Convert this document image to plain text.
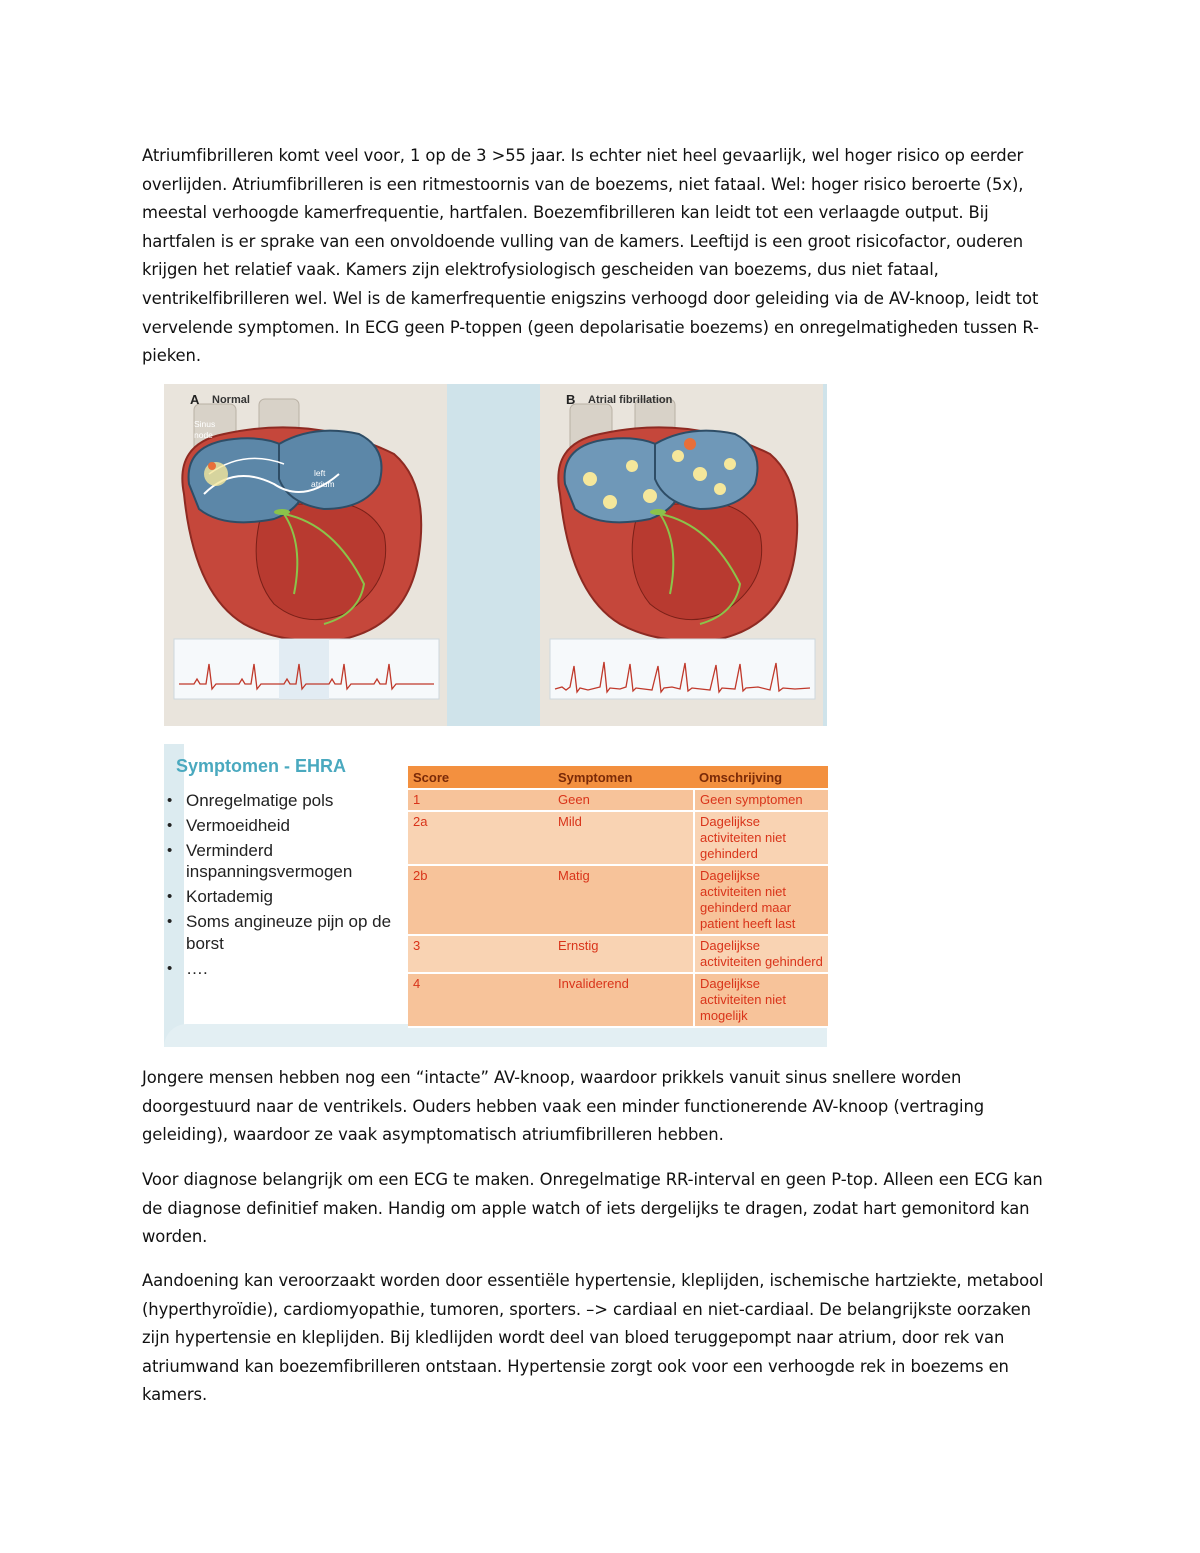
Atriumfibrilleren komt veel voor, 1 op de 3 >55 jaar. Is echter niet heel gevaarlijk, wel hoger risico op eerder overlijden. Atriumfibrilleren is een ritmestoornis van de boezems, niet fataal. Wel: hoger risico beroerte (5x), meestal verhoogde kamerfrequentie, hartfalen. Boezemfibrilleren kan leidt tot een verlaagde output. Bij hartfalen is er sprake van een onvoldoende vulling van de kamers. Leeftijd is een groot risicofactor, ouderen krijgen het relatief vaak. Kamers zijn elektrofysiologisch gescheiden van boezems, dus niet fataal, ventrikelfibrilleren wel. Wel is de kamerfrequentie enigszins verhoogd door geleiding via de AV-knoop, leidt tot vervelende symptomen. In ECG geen P-toppen (geen depolarisatie boezems) en onregelmatigheden tussen R-pieken.
Sinus
node
left
atrium
A Normal	B Atrial fibrillation
Symptomen - EHRA
• Onregelmatige pols
• Vermoeidheid
• Verminderd inspanningsvermogen
• Kortademig
• Soms angineuze pijn op de borst
• ….
Score	Symptomen	Omschrijving
1	Geen	Geen symptomen
2a	Mild	Dagelijkse activiteiten niet gehinderd
2b	Matig	Dagelijkse activiteiten niet gehinderd maar patient heeft last
3	Ernstig	Dagelijkse activiteiten gehinderd
4	Invaliderend	Dagelijkse activiteiten niet mogelijk
Jongere mensen hebben nog een “intacte” AV-knoop, waardoor prikkels vanuit sinus snellere worden doorgestuurd naar de ventrikels. Ouders hebben vaak een minder functionerende AV-knoop (vertraging geleiding), waardoor ze vaak asymptomatisch atriumfibrilleren hebben.
Voor diagnose belangrijk om een ECG te maken. Onregelmatige RR-interval en geen P-top. Alleen een ECG kan de diagnose definitief maken. Handig om apple watch of iets dergelijks te dragen, zodat hart gemonitord kan worden.
Aandoening kan veroorzaakt worden door essentiële hypertensie, kleplijden, ischemische hartziekte, metabool (hyperthyroïdie), cardiomyopathie, tumoren, sporters. –> cardiaal en niet-cardiaal. De belangrijkste oorzaken zijn hypertensie en kleplijden. Bij kledlijden wordt deel van bloed teruggepompt naar atrium, door rek van atriumwand kan boezemfibrilleren ontstaan. Hypertensie zorgt ook voor een verhoogde rek in boezems en kamers.
